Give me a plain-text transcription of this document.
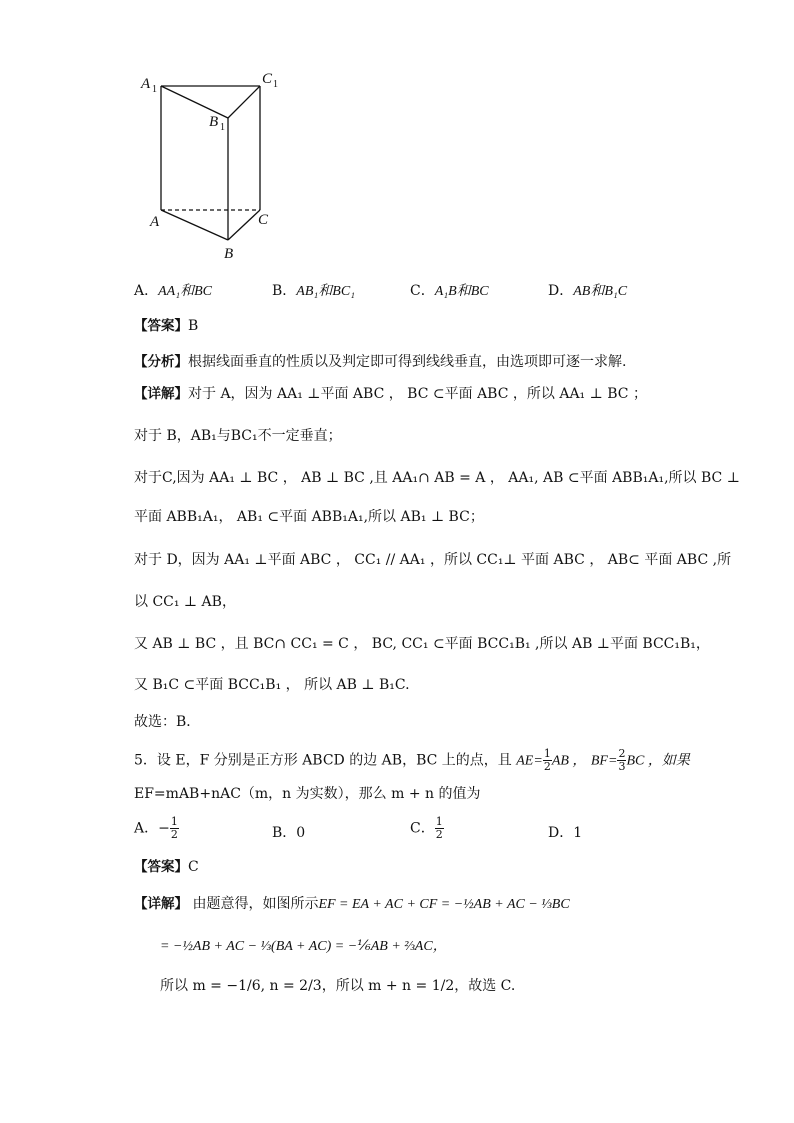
A 1
C 1
B 1
A	C
B
A．AA₁和BC	B．AB₁和BC₁	C．A₁B和BC	D．AB和B₁C
【答案】B
【分析】根据线面垂直的性质以及判定即可得到线线垂直，由选项即可逐一求解.
【详解】对于 A，因为 AA₁ ⊥平面 ABC ， BC ⊂平面 ABC ，所以 AA₁ ⊥ BC ；
对于 B，AB₁与BC₁不一定垂直；
对于C,因为 AA₁ ⊥ BC ， AB ⊥ BC ,且 AA₁∩ AB = A ， AA₁, AB ⊂平面 ABB₁A₁,所以 BC ⊥
平面 ABB₁A₁， AB₁ ⊂平面 ABB₁A₁,所以 AB₁ ⊥ BC；
对于 D，因为 AA₁ ⊥平面 ABC ， CC₁ // AA₁ ，所以 CC₁⊥ 平面 ABC ， AB⊂ 平面 ABC ,所
以 CC₁ ⊥ AB，
又 AB ⊥ BC ，且 BC∩ CC₁ = C ， BC, CC₁ ⊂平面 BCC₁B₁ ,所以 AB ⊥平面 BCC₁B₁，
又 B₁C ⊂平面 BCC₁B₁ ， 所以 AB ⊥ B₁C.
故选：B．
5．设 E，F 分别是正方形 ABCD 的边 AB，BC 上的点，且 $AE= \frac{1}{2}$ AB ， $BF= \frac{2}{3}$ BC ，如果
EF=mAB+nAC（m，n 为实数），那么 m + n 的值为
A．− $\frac{1}{2}$	B．0	C． $\frac{1}{2}$	D．1
【答案】C
【详解】 由题意得，如图所示EF = EA + AC + CF = −½AB + AC − ⅓BC
= −½AB + AC − ⅓(BA + AC) = −⅙AB + ⅔AC，
所以 m = −1/6, n = 2/3，所以 m + n = 1/2，故选 C.
